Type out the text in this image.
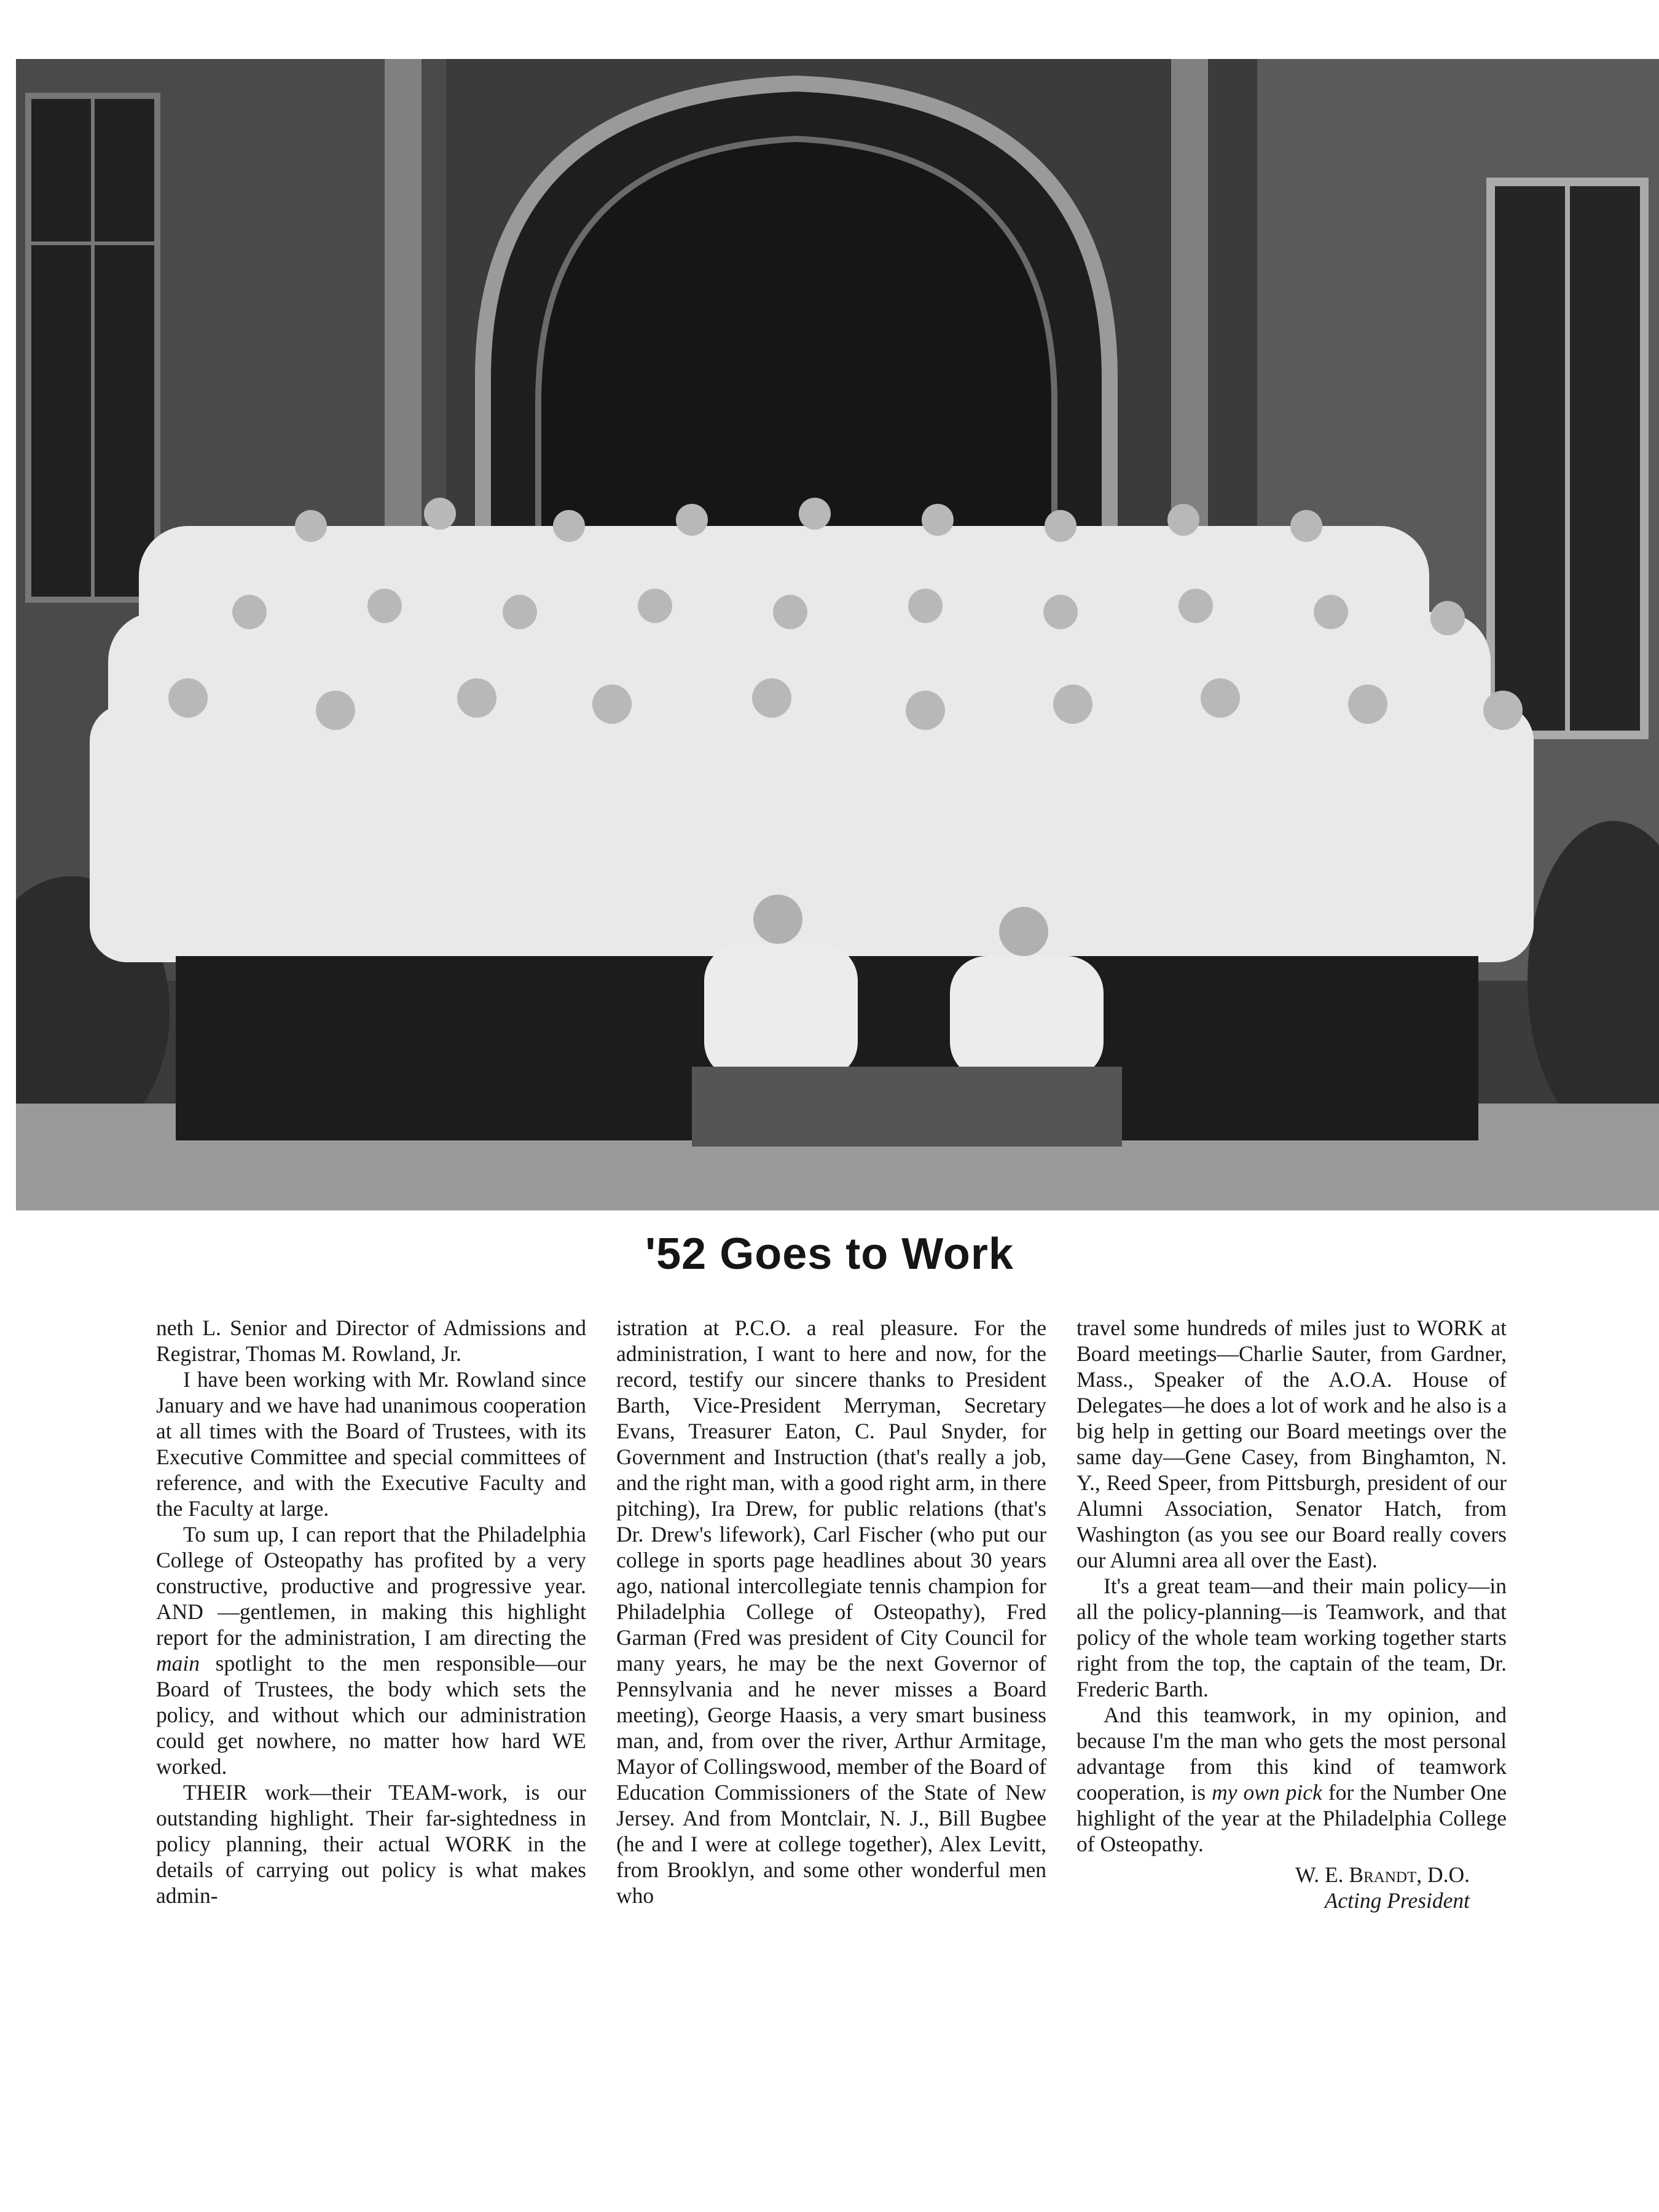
'52 Goes to Work

neth L. Senior and Director of Admissions and Registrar, Thomas M. Rowland, Jr.

I have been working with Mr. Rowland since January and we have had unanimous cooperation at all times with the Board of Trustees, with its Executive Committee and special committees of reference, and with the Executive Faculty and the Faculty at large.

To sum up, I can report that the Philadelphia College of Osteopathy has profited by a very constructive, productive and progressive year. AND —gentlemen, in making this highlight report for the administration, I am directing the main spotlight to the men responsible—our Board of Trustees, the body which sets the policy, and without which our administration could get nowhere, no matter how hard WE worked.

THEIR work—their TEAM-work, is our outstanding highlight. Their far-sightedness in policy planning, their actual WORK in the details of carrying out policy is what makes admin-

istration at P.C.O. a real pleasure. For the administration, I want to here and now, for the record, testify our sincere thanks to President Barth, Vice-President Merryman, Secretary Evans, Treasurer Eaton, C. Paul Snyder, for Government and Instruction (that's really a job, and the right man, with a good right arm, in there pitching), Ira Drew, for public relations (that's Dr. Drew's lifework), Carl Fischer (who put our college in sports page headlines about 30 years ago, national intercollegiate tennis champion for Philadelphia College of Osteopathy), Fred Garman (Fred was president of City Council for many years, he may be the next Governor of Pennsylvania and he never misses a Board meeting), George Haasis, a very smart business man, and, from over the river, Arthur Armitage, Mayor of Collingswood, member of the Board of Education Commissioners of the State of New Jersey. And from Montclair, N. J., Bill Bugbee (he and I were at college together), Alex Levitt, from Brooklyn, and some other wonderful men who

travel some hundreds of miles just to WORK at Board meetings—Charlie Sauter, from Gardner, Mass., Speaker of the A.O.A. House of Delegates—he does a lot of work and he also is a big help in getting our Board meetings over the same day—Gene Casey, from Binghamton, N. Y., Reed Speer, from Pittsburgh, president of our Alumni Association, Senator Hatch, from Washington (as you see our Board really covers our Alumni area all over the East).

It's a great team—and their main policy—in all the policy-planning—is Teamwork, and that policy of the whole team working together starts right from the top, the captain of the team, Dr. Frederic Barth.

And this teamwork, in my opinion, and because I'm the man who gets the most personal advantage from this kind of teamwork cooperation, is my own pick for the Number One highlight of the year at the Philadelphia College of Osteopathy.

W. E. Brandt, D.O.
Acting President
